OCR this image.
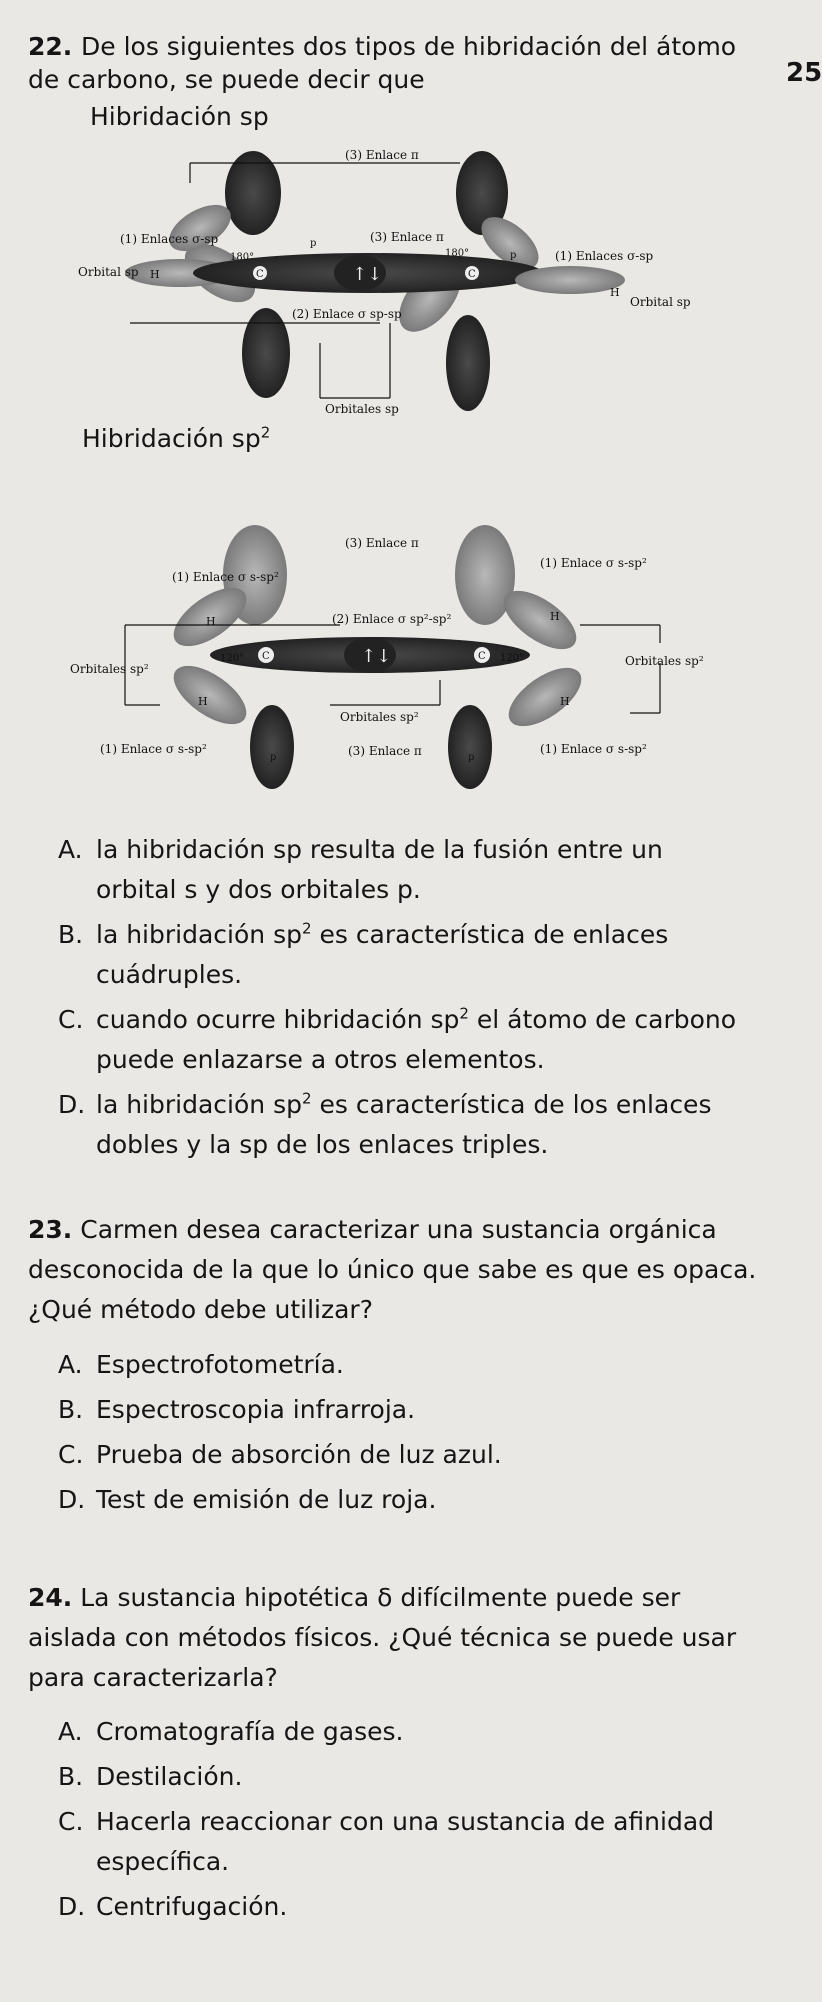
25
22. De los siguientes dos tipos de hibridación del átomo de carbono, se puede decir que
Hibridación sp
↑↓
(3) Enlace π
(3) Enlace π
(1) Enlaces σ-sp
(1) Enlaces σ-sp
Orbital sp
Orbital sp
(2) Enlace σ sp-sp
Orbitales sp
180°	180°
p
p
C	C
H
H
Hibridación $sp^2$
↑↓
H
H
H
H
(3) Enlace π
(3) Enlace π
(1) Enlace σ s-sp²
(1) Enlace σ s-sp²
(1) Enlace σ s-sp²
(1) Enlace σ s-sp²
(2) Enlace σ sp²-sp²
Orbitales sp²
Orbitales sp²
Orbitales sp²
120°	120°
C	C
p	p
A. la hibridación sp resulta de la fusión entre un orbital s y dos orbitales p.
B. la hibridación $sp^2$ es característica de enlaces cuádruples.
C. cuando ocurre hibridación $sp^2$ el átomo de carbono puede enlazarse a otros elementos.
D. la hibridación $sp^2$ es característica de los enlaces dobles y la sp de los enlaces triples.
23. Carmen desea caracterizar una sustancia orgánica desconocida de la que lo único que sabe es que es opaca. ¿Qué método debe utilizar?
A. Espectrofotometría.
B. Espectroscopia infrarroja.
C. Prueba de absorción de luz azul.
D. Test de emisión de luz roja.
24. La sustancia hipotética δ difícilmente puede ser aislada con métodos físicos. ¿Qué técnica se puede usar para caracterizarla?
A. Cromatografía de gases.
B. Destilación.
C. Hacerla reaccionar con una sustancia de afinidad específica.
D. Centrifugación.
